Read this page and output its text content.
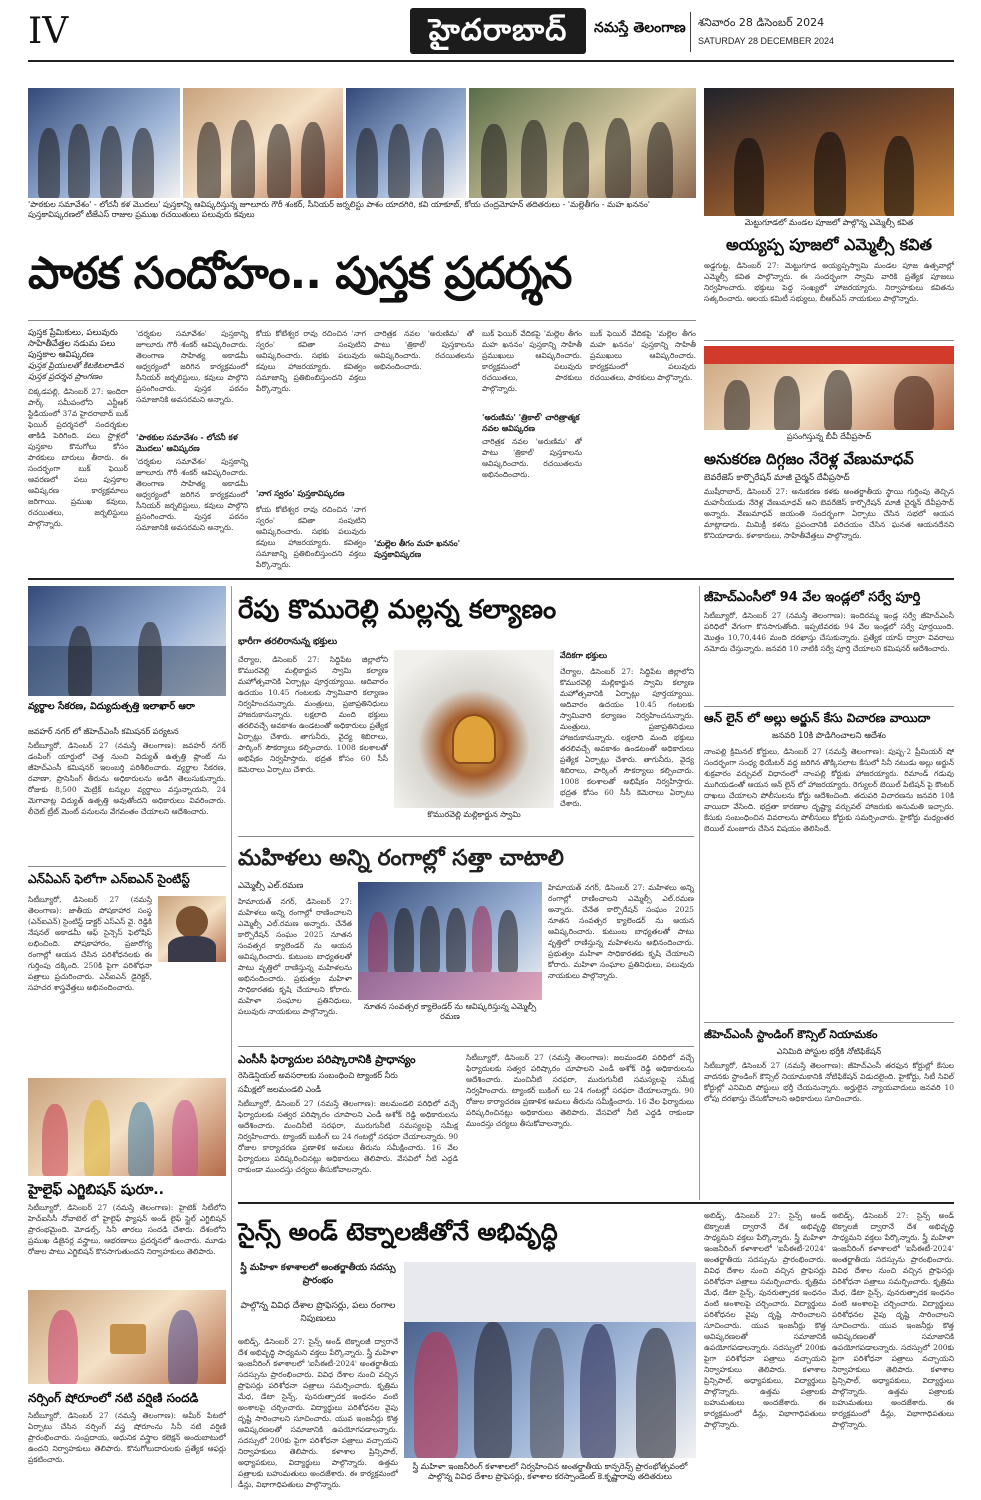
IV	హైదరాబాద్	నమస్తే తెలంగాణ శనివారం 28 డిసెంబర్ 2024
SATURDAY 28 DECEMBER 2024
'పాఠకుల సమావేశం' - లోచనీ కళ మొదలు' పుస్తకాన్ని ఆవిష్కరిస్తున్న జూలూరు గౌరీ శంకర్, సీనియర్ జర్నలిస్టు పాశం యాదగిరి, కవి యాకూబ్, కోయ చంద్రమోహన్ తదితరులు - 'మల్లెతీగం - మహ ఖననం' పుస్తకావిష్కరణలో టీజేఎస్ రాజుల ప్రముఖ రచయితులు పలువురు కవులు
మెట్టుగూడలో మండల పూజలో పాల్గొన్న ఎమ్మెల్సీ కవిత
అయ్యప్ప పూజలో ఎమ్మెల్సీ కవిత
అడ్డగుట్ట, డిసెంబర్ 27: మెట్టుగూడ అయ్యప్పస్వామి మండల పూజ ఉత్సవాల్లో ఎమ్మెల్సీ కవిత పాల్గొన్నారు. ఈ సందర్భంగా స్వామి వారికి ప్రత్యేక పూజలు నిర్వహించారు. భక్తులు పెద్ద సంఖ్యలో హాజరయ్యారు. నిర్వాహకులు కవితను సత్కరించారు. ఆలయ కమిటీ సభ్యులు, బీఆర్ఎస్ నాయకులు పాల్గొన్నారు.
పాఠక సందోహం.. పుస్తక ప్రదర్శన
పుస్తక ప్రేమికులు, పలువురు సాహితీవేత్తల నడుమ పలు పుస్తకాల ఆవిష్కరణ
పుస్తక ప్రియులతో కిటకిటలాడిన పుస్తక ప్రదర్శన ప్రాంగణం
చిక్కడపల్లి, డిసెంబర్ 27: ఇందిరా పార్క్ సమీపంలోని ఎన్టీఆర్ స్టేడియంలో 37వ హైదరాబాద్ బుక్ ఫెయిర్ ప్రదర్శనలో సందర్శకుల తాకిడి పెరిగింది. పలు స్టాళ్లలో పుస్తకాల కొనుగోలు కోసం పాఠకులు బారులు తీరారు. ఈ సందర్భంగా బుక్ ఫెయిర్ ఆవరణలో పలు పుస్తకాల ఆవిష్కరణ కార్యక్రమాలు జరిగాయి. ప్రముఖ కవులు, రచయితలు, జర్నలిస్టులు పాల్గొన్నారు.
'దర్శకుల సమావేశం' పుస్తకాన్ని జూలూరు గౌరీ శంకర్ ఆవిష్కరించారు. తెలంగాణ సాహిత్య అకాడమీ ఆధ్వర్యంలో జరిగిన కార్యక్రమంలో సీనియర్ జర్నలిస్టులు, కవులు పాల్గొని ప్రసంగించారు. పుస్తక పఠనం సమాజానికి అవసరమని అన్నారు.
'పాఠకుల సమావేశం - లోచనీ కళ మొదలు' ఆవిష్కరణ
'దర్శకుల సమావేశం' పుస్తకాన్ని జూలూరు గౌరీ శంకర్ ఆవిష్కరించారు. తెలంగాణ సాహిత్య అకాడమీ ఆధ్వర్యంలో జరిగిన కార్యక్రమంలో సీనియర్ జర్నలిస్టులు, కవులు పాల్గొని ప్రసంగించారు. పుస్తక పఠనం సమాజానికి అవసరమని అన్నారు.
కోయ కోటేశ్వర రావు రచించిన 'నాగ స్వరం' కవితా సంపుటిని ఆవిష్కరించారు. సభకు పలువురు కవులు హాజరయ్యారు. కవిత్వం సమాజాన్ని ప్రతిబింబిస్తుందని వక్తలు పేర్కొన్నారు.
'నాగ స్వరం' పుస్తకావిష్కరణ
కోయ కోటేశ్వర రావు రచించిన 'నాగ స్వరం' కవితా సంపుటిని ఆవిష్కరించారు. సభకు పలువురు కవులు హాజరయ్యారు. కవిత్వం సమాజాన్ని ప్రతిబింబిస్తుందని వక్తలు పేర్కొన్నారు.
చారిత్రక నవల 'అరుణిమ' తో పాటు 'త్రికాల్' పుస్తకాలను ఆవిష్కరించారు. రచయితలను అభినందించారు.
'మల్లెల తీగం మహ ఖననం' పుస్తకావిష్కరణ
బుక్ ఫెయిర్ వేదికపై 'మల్లెల తీగం మహ ఖననం' పుస్తకాన్ని సాహితీ ప్రముఖులు ఆవిష్కరించారు. కార్యక్రమంలో పలువురు రచయితలు, పాఠకులు పాల్గొన్నారు.
'అరుణిమ' 'త్రికాల్' చారిత్రాత్మక నవల ఆవిష్కరణ
చారిత్రక నవల 'అరుణిమ' తో పాటు 'త్రికాల్' పుస్తకాలను ఆవిష్కరించారు. రచయితలను అభినందించారు.
బుక్ ఫెయిర్ వేదికపై 'మల్లెల తీగం మహ ఖననం' పుస్తకాన్ని సాహితీ ప్రముఖులు ఆవిష్కరించారు. కార్యక్రమంలో పలువురు రచయితలు, పాఠకులు పాల్గొన్నారు.
ప్రసంగిస్తున్న బీవీ దేవీప్రసాద్
అనుకరణ దిగ్గజం నేరెళ్ల వేణుమాధవ్
బెవరేజెస్ కార్పొరేషన్ మాజీ చైర్మన్ దేవీప్రసాద్
ముషీరాబాద్, డిసెంబర్ 27: అనుకరణ కళకు అంతర్జాతీయ స్థాయి గుర్తింపు తెచ్చిన మహనీయుడు నేరెళ్ల వేణుమాధవ్ అని బెవరేజెస్ కార్పొరేషన్ మాజీ చైర్మన్ దేవీప్రసాద్ అన్నారు. వేణుమాధవ్ జయంతి సందర్భంగా ఏర్పాటు చేసిన సభలో ఆయన మాట్లాడారు. మిమిక్రీ కళను ప్రపంచానికి పరిచయం చేసిన ఘనత ఆయనదేనని కొనియాడారు. కళాకారులు, సాహితీవేత్తలు పాల్గొన్నారు.
వ్యర్థాల సేకరణ, విద్యుదుత్పత్తి ఇలాఖార్ ఆరా
జవహర్ నగర్ లో జీహెచ్ఎంసీ కమిషనర్ పర్యటన
సిటీబ్యూరో, డిసెంబర్ 27 (నమస్తే తెలంగాణ): జవహర్ నగర్ డంపింగ్ యార్డులో చెత్త నుంచి విద్యుత్ ఉత్పత్తి ప్లాంట్ ను జీహెచ్ఎంసీ కమిషనర్ ఇలంబర్తి పరిశీలించారు. వ్యర్థాల సేకరణ, రవాణా, ప్రాసెసింగ్ తీరును అధికారులను అడిగి తెలుసుకున్నారు. రోజుకు 8,500 మెట్రిక్ టన్నుల వ్యర్థాలు వస్తున్నాయని, 24 మెగావాట్ల విద్యుత్ ఉత్పత్తి అవుతోందని అధికారులు వివరించారు. లీచెట్ ట్రీట్ మెంట్ పనులను వేగవంతం చేయాలని ఆదేశించారు.
ఎన్ఏఎస్ ఫెలోగా ఎన్ఐఎన్ సైంటిస్ట్
సిటీబ్యూరో, డిసెంబర్ 27 (నమస్తే తెలంగాణ): జాతీయ పోషకాహార సంస్థ (ఎన్ఐఎన్) సైంటిస్ట్ డాక్టర్ ఎస్ఎస్ వై. రెడ్డికి నేషనల్ అకాడమీ ఆఫ్ సైన్సెస్ ఫెలోషిప్ లభించింది. పోషకాహారం, ప్రజారోగ్య రంగాల్లో ఆయన చేసిన పరిశోధనలకు ఈ గుర్తింపు దక్కింది. 250కి పైగా పరిశోధనా పత్రాలు ప్రచురించారు. ఎన్ఐఎన్ డైరెక్టర్, సహచర శాస్త్రవేత్తలు అభినందించారు.
హైలైఫ్ ఎగ్జిబిషన్ షురూ..
సిటీబ్యూరో, డిసెంబర్ 27 (నమస్తే తెలంగాణ): హైటెక్ సిటీలోని హెచ్ఐసీసీ నోవాటెల్ లో హైలైఫ్ ఫ్యాషన్ అండ్ లైఫ్ స్టైల్ ఎగ్జిబిషన్ ప్రారంభమైంది. మోడల్స్, సినీ తారలు సందడి చేశారు. దేశంలోని ప్రముఖ డిజైనర్ల వస్త్రాలు, ఆభరణాలు ప్రదర్శనలో ఉంచారు. మూడు రోజుల పాటు ఎగ్జిబిషన్ కొనసాగుతుందని నిర్వాహకులు తెలిపారు.
నర్సింగ్ షోరూంలో నటి వర్షిణి సందడి
సిటీబ్యూరో, డిసెంబర్ 27 (నమస్తే తెలంగాణ): అమీర్ పేటలో ఏర్పాటు చేసిన నర్సింగ్ వస్త్ర షోరూంను సినీ నటి వర్షిణి ప్రారంభించారు. సంప్రదాయ, ఆధునిక వస్త్రాల కలెక్షన్ అందుబాటులో ఉందని నిర్వాహకులు తెలిపారు. కొనుగోలుదారులకు ప్రత్యేక ఆఫర్లు ప్రకటించారు.
రేపు కొమురెల్లి మల్లన్న కల్యాణం
భారీగా తరలిరానున్న భక్తులు
చేర్యాల, డిసెంబర్ 27: సిద్దిపేట జిల్లాలోని కొమురవెల్లి మల్లికార్జున స్వామి కల్యాణ మహోత్సవానికి ఏర్పాట్లు పూర్తయ్యాయి. ఆదివారం ఉదయం 10.45 గంటలకు స్వామివారి కల్యాణం నిర్వహించనున్నారు. మంత్రులు, ప్రజాప్రతినిధులు హాజరుకానున్నారు. లక్షలాది మంది భక్తులు తరలివచ్చే అవకాశం ఉండటంతో అధికారులు ప్రత్యేక ఏర్పాట్లు చేశారు. తాగునీరు, వైద్య శిబిరాలు, పార్కింగ్ సౌకర్యాలు కల్పించారు. 1008 కలశాలతో అభిషేకం నిర్వహిస్తారు. భద్రత కోసం 60 సీసీ కెమెరాలు ఏర్పాటు చేశారు.
కొమురవెల్లి మల్లికార్జున స్వామి
వేదికగా భక్తులు
చేర్యాల, డిసెంబర్ 27: సిద్దిపేట జిల్లాలోని కొమురవెల్లి మల్లికార్జున స్వామి కల్యాణ మహోత్సవానికి ఏర్పాట్లు పూర్తయ్యాయి. ఆదివారం ఉదయం 10.45 గంటలకు స్వామివారి కల్యాణం నిర్వహించనున్నారు. మంత్రులు, ప్రజాప్రతినిధులు హాజరుకానున్నారు. లక్షలాది మంది భక్తులు తరలివచ్చే అవకాశం ఉండటంతో అధికారులు ప్రత్యేక ఏర్పాట్లు చేశారు. తాగునీరు, వైద్య శిబిరాలు, పార్కింగ్ సౌకర్యాలు కల్పించారు. 1008 కలశాలతో అభిషేకం నిర్వహిస్తారు. భద్రత కోసం 60 సీసీ కెమెరాలు ఏర్పాటు చేశారు.
మహిళలు అన్ని రంగాల్లో సత్తా చాటాలి
ఎమ్మెల్సీ ఎల్.రమణ
హిమాయత్ నగర్, డిసెంబర్ 27: మహిళలు అన్ని రంగాల్లో రాణించాలని ఎమ్మెల్సీ ఎల్.రమణ అన్నారు. చేనేత కార్పొరేషన్ సంఘం 2025 నూతన సంవత్సర క్యాలెండర్ ను ఆయన ఆవిష్కరించారు. కుటుంబ బాధ్యతలతో పాటు వృత్తిలో రాణిస్తున్న మహిళలను అభినందించారు. ప్రభుత్వం మహిళా సాధికారతకు కృషి చేయాలని కోరారు. మహిళా సంఘాల ప్రతినిధులు, పలువురు నాయకులు పాల్గొన్నారు.
నూతన సంవత్సర క్యాలెండర్ ను ఆవిష్కరిస్తున్న ఎమ్మెల్సీ రమణ
హిమాయత్ నగర్, డిసెంబర్ 27: మహిళలు అన్ని రంగాల్లో రాణించాలని ఎమ్మెల్సీ ఎల్.రమణ అన్నారు. చేనేత కార్పొరేషన్ సంఘం 2025 నూతన సంవత్సర క్యాలెండర్ ను ఆయన ఆవిష్కరించారు. కుటుంబ బాధ్యతలతో పాటు వృత్తిలో రాణిస్తున్న మహిళలను అభినందించారు. ప్రభుత్వం మహిళా సాధికారతకు కృషి చేయాలని కోరారు. మహిళా సంఘాల ప్రతినిధులు, పలువురు నాయకులు పాల్గొన్నారు.
ఎంసీసీ ఫిర్యాదుల పరిష్కారానికి ప్రాధాన్యం
రెసిడెన్షియల్ అవసరాలకు సంబంధించి ట్యాంకర్ నీరు
సమీక్షలో జలమండలి ఎండీ
సిటీబ్యూరో, డిసెంబర్ 27 (నమస్తే తెలంగాణ): జలమండలి పరిధిలో వచ్చే ఫిర్యాదులకు సత్వర పరిష్కారం చూపాలని ఎండీ అశోక్ రెడ్డి అధికారులను ఆదేశించారు. మంచినీటి సరఫరా, మురుగునీటి సమస్యలపై సమీక్ష నిర్వహించారు. ట్యాంకర్ బుకింగ్ లు 24 గంటల్లో సరఫరా చేయాలన్నారు. 90 రోజుల కార్యాచరణ ప్రణాళిక అమలు తీరును సమీక్షించారు. 16 వేల ఫిర్యాదులు పరిష్కరించినట్లు అధికారులు తెలిపారు. వేసవిలో నీటి ఎద్దడి రాకుండా ముందస్తు చర్యలు తీసుకోవాలన్నారు.
సిటీబ్యూరో, డిసెంబర్ 27 (నమస్తే తెలంగాణ): జలమండలి పరిధిలో వచ్చే ఫిర్యాదులకు సత్వర పరిష్కారం చూపాలని ఎండీ అశోక్ రెడ్డి అధికారులను ఆదేశించారు. మంచినీటి సరఫరా, మురుగునీటి సమస్యలపై సమీక్ష నిర్వహించారు. ట్యాంకర్ బుకింగ్ లు 24 గంటల్లో సరఫరా చేయాలన్నారు. 90 రోజుల కార్యాచరణ ప్రణాళిక అమలు తీరును సమీక్షించారు. 16 వేల ఫిర్యాదులు పరిష్కరించినట్లు అధికారులు తెలిపారు. వేసవిలో నీటి ఎద్దడి రాకుండా ముందస్తు చర్యలు తీసుకోవాలన్నారు.
జీహెచ్ఎంసీలో 94 వేల ఇండ్లలో సర్వే పూర్తి
సిటీబ్యూరో, డిసెంబర్ 27 (నమస్తే తెలంగాణ): ఇందిరమ్మ ఇండ్ల సర్వే జీహెచ్ఎంసీ పరిధిలో వేగంగా కొనసాగుతోంది. ఇప్పటివరకు 94 వేల ఇండ్లలో సర్వే పూర్తయింది. మొత్తం 10,70,446 మంది దరఖాస్తు చేసుకున్నారు. ప్రత్యేక యాప్ ద్వారా వివరాలు నమోదు చేస్తున్నారు. జనవరి 10 నాటికి సర్వే పూర్తి చేయాలని కమిషనర్ ఆదేశించారు.
ఆన్ లైన్ లో అల్లు అర్జున్ కేసు విచారణ వాయిదా
జనవరి 10కి పొడిగించాలని ఆదేశం
నాంపల్లి క్రిమినల్ కోర్టులు, డిసెంబర్ 27 (నమస్తే తెలంగాణ): పుష్ప-2 ప్రీమియర్ షో సందర్భంగా సంధ్య థియేటర్ వద్ద జరిగిన తొక్కిసలాట కేసులో సినీ నటుడు అల్లు అర్జున్ శుక్రవారం వర్చువల్ విధానంలో నాంపల్లి కోర్టుకు హాజరయ్యారు. రిమాండ్ గడువు ముగియడంతో ఆయన ఆన్ లైన్ లో హాజరయ్యారు. రెగ్యులర్ బెయిల్ పిటిషన్ పై కౌంటర్ దాఖలు చేయాలని పోలీసులను కోర్టు ఆదేశించింది. తదుపరి విచారణను జనవరి 10కి వాయిదా వేసింది. భద్రతా కారణాల దృష్ట్యా వర్చువల్ హాజరుకు అనుమతి ఇచ్చారు. కేసుకు సంబంధించిన వివరాలను పోలీసులు కోర్టుకు సమర్పించారు. హైకోర్టు మధ్యంతర బెయిల్ మంజూరు చేసిన విషయం తెలిసిందే.
జీహెచ్ఎంసీ స్టాండింగ్ కౌన్సిల్ నియామకం
ఎనిమిది పోస్టుల భర్తీకి నోటిఫికేషన్
సిటీబ్యూరో, డిసెంబర్ 27 (నమస్తే తెలంగాణ): జీహెచ్ఎంసీ తరఫున కోర్టుల్లో కేసుల వాదనకు స్టాండింగ్ కౌన్సిల్ నియామకానికి నోటిఫికేషన్ విడుదలైంది. హైకోర్టు, సిటీ సివిల్ కోర్టుల్లో ఎనిమిది పోస్టులు భర్తీ చేయనున్నారు. అర్హులైన న్యాయవాదులు జనవరి 10 లోపు దరఖాస్తు చేసుకోవాలని అధికారులు సూచించారు.
సైన్స్ అండ్ టెక్నాలజీతోనే అభివృద్ధి
స్త్రీ మహిళా కళాశాలలో అంతర్జాతీయ సదస్సు ప్రారంభం
పాల్గొన్న వివిధ దేశాల ప్రొఫెసర్లు, పలు రంగాల నిపుణులు
అబిడ్స్, డిసెంబర్ 27: సైన్స్ అండ్ టెక్నాలజీ ద్వారానే దేశ అభివృద్ధి సాధ్యమని వక్తలు పేర్కొన్నారు. స్త్రీ మహిళా ఇంజనీరింగ్ కళాశాలలో 'ఐసీఈటీ-2024' అంతర్జాతీయ సదస్సును ప్రారంభించారు. వివిధ దేశాల నుంచి వచ్చిన ప్రొఫెసర్లు పరిశోధనా పత్రాలు సమర్పించారు. కృత్రిమ మేధ, డేటా సైన్స్, పునరుత్పాదక ఇంధనం వంటి అంశాలపై చర్చించారు. విద్యార్థులు పరిశోధనల వైపు దృష్టి సారించాలని సూచించారు. యువ ఇంజనీర్లు కొత్త ఆవిష్కరణలతో సమాజానికి ఉపయోగపడాలన్నారు. సదస్సులో 200కు పైగా పరిశోధనా పత్రాలు వచ్చాయని నిర్వాహకులు తెలిపారు. కళాశాల ప్రిన్సిపాల్, అధ్యాపకులు, విద్యార్థులు పాల్గొన్నారు. ఉత్తమ పత్రాలకు బహుమతులు అందజేశారు. ఈ కార్యక్రమంలో డీన్లు, విభాగాధిపతులు పాల్గొన్నారు.
స్త్రీ మహిళా ఇంజనీరింగ్ కళాశాలలో నిర్వహించిన అంతర్జాతీయ కాన్ఫరెన్స్ ప్రారంభోత్సవంలో పాల్గొన్న వివిధ దేశాల ప్రొఫెసర్లు, కళాశాల కరస్పాండెంట్ కె.కృష్ణారావు తదితరులు
అబిడ్స్, డిసెంబర్ 27: సైన్స్ అండ్ టెక్నాలజీ ద్వారానే దేశ అభివృద్ధి సాధ్యమని వక్తలు పేర్కొన్నారు. స్త్రీ మహిళా ఇంజనీరింగ్ కళాశాలలో 'ఐసీఈటీ-2024' అంతర్జాతీయ సదస్సును ప్రారంభించారు. వివిధ దేశాల నుంచి వచ్చిన ప్రొఫెసర్లు పరిశోధనా పత్రాలు సమర్పించారు. కృత్రిమ మేధ, డేటా సైన్స్, పునరుత్పాదక ఇంధనం వంటి అంశాలపై చర్చించారు. విద్యార్థులు పరిశోధనల వైపు దృష్టి సారించాలని సూచించారు. యువ ఇంజనీర్లు కొత్త ఆవిష్కరణలతో సమాజానికి ఉపయోగపడాలన్నారు. సదస్సులో 200కు పైగా పరిశోధనా పత్రాలు వచ్చాయని నిర్వాహకులు తెలిపారు. కళాశాల ప్రిన్సిపాల్, అధ్యాపకులు, విద్యార్థులు పాల్గొన్నారు. ఉత్తమ పత్రాలకు బహుమతులు అందజేశారు. ఈ కార్యక్రమంలో డీన్లు, విభాగాధిపతులు పాల్గొన్నారు.
అబిడ్స్, డిసెంబర్ 27: సైన్స్ అండ్ టెక్నాలజీ ద్వారానే దేశ అభివృద్ధి సాధ్యమని వక్తలు పేర్కొన్నారు. స్త్రీ మహిళా ఇంజనీరింగ్ కళాశాలలో 'ఐసీఈటీ-2024' అంతర్జాతీయ సదస్సును ప్రారంభించారు. వివిధ దేశాల నుంచి వచ్చిన ప్రొఫెసర్లు పరిశోధనా పత్రాలు సమర్పించారు. కృత్రిమ మేధ, డేటా సైన్స్, పునరుత్పాదక ఇంధనం వంటి అంశాలపై చర్చించారు. విద్యార్థులు పరిశోధనల వైపు దృష్టి సారించాలని సూచించారు. యువ ఇంజనీర్లు కొత్త ఆవిష్కరణలతో సమాజానికి ఉపయోగపడాలన్నారు. సదస్సులో 200కు పైగా పరిశోధనా పత్రాలు వచ్చాయని నిర్వాహకులు తెలిపారు. కళాశాల ప్రిన్సిపాల్, అధ్యాపకులు, విద్యార్థులు పాల్గొన్నారు. ఉత్తమ పత్రాలకు బహుమతులు అందజేశారు. ఈ కార్యక్రమంలో డీన్లు, విభాగాధిపతులు పాల్గొన్నారు.
